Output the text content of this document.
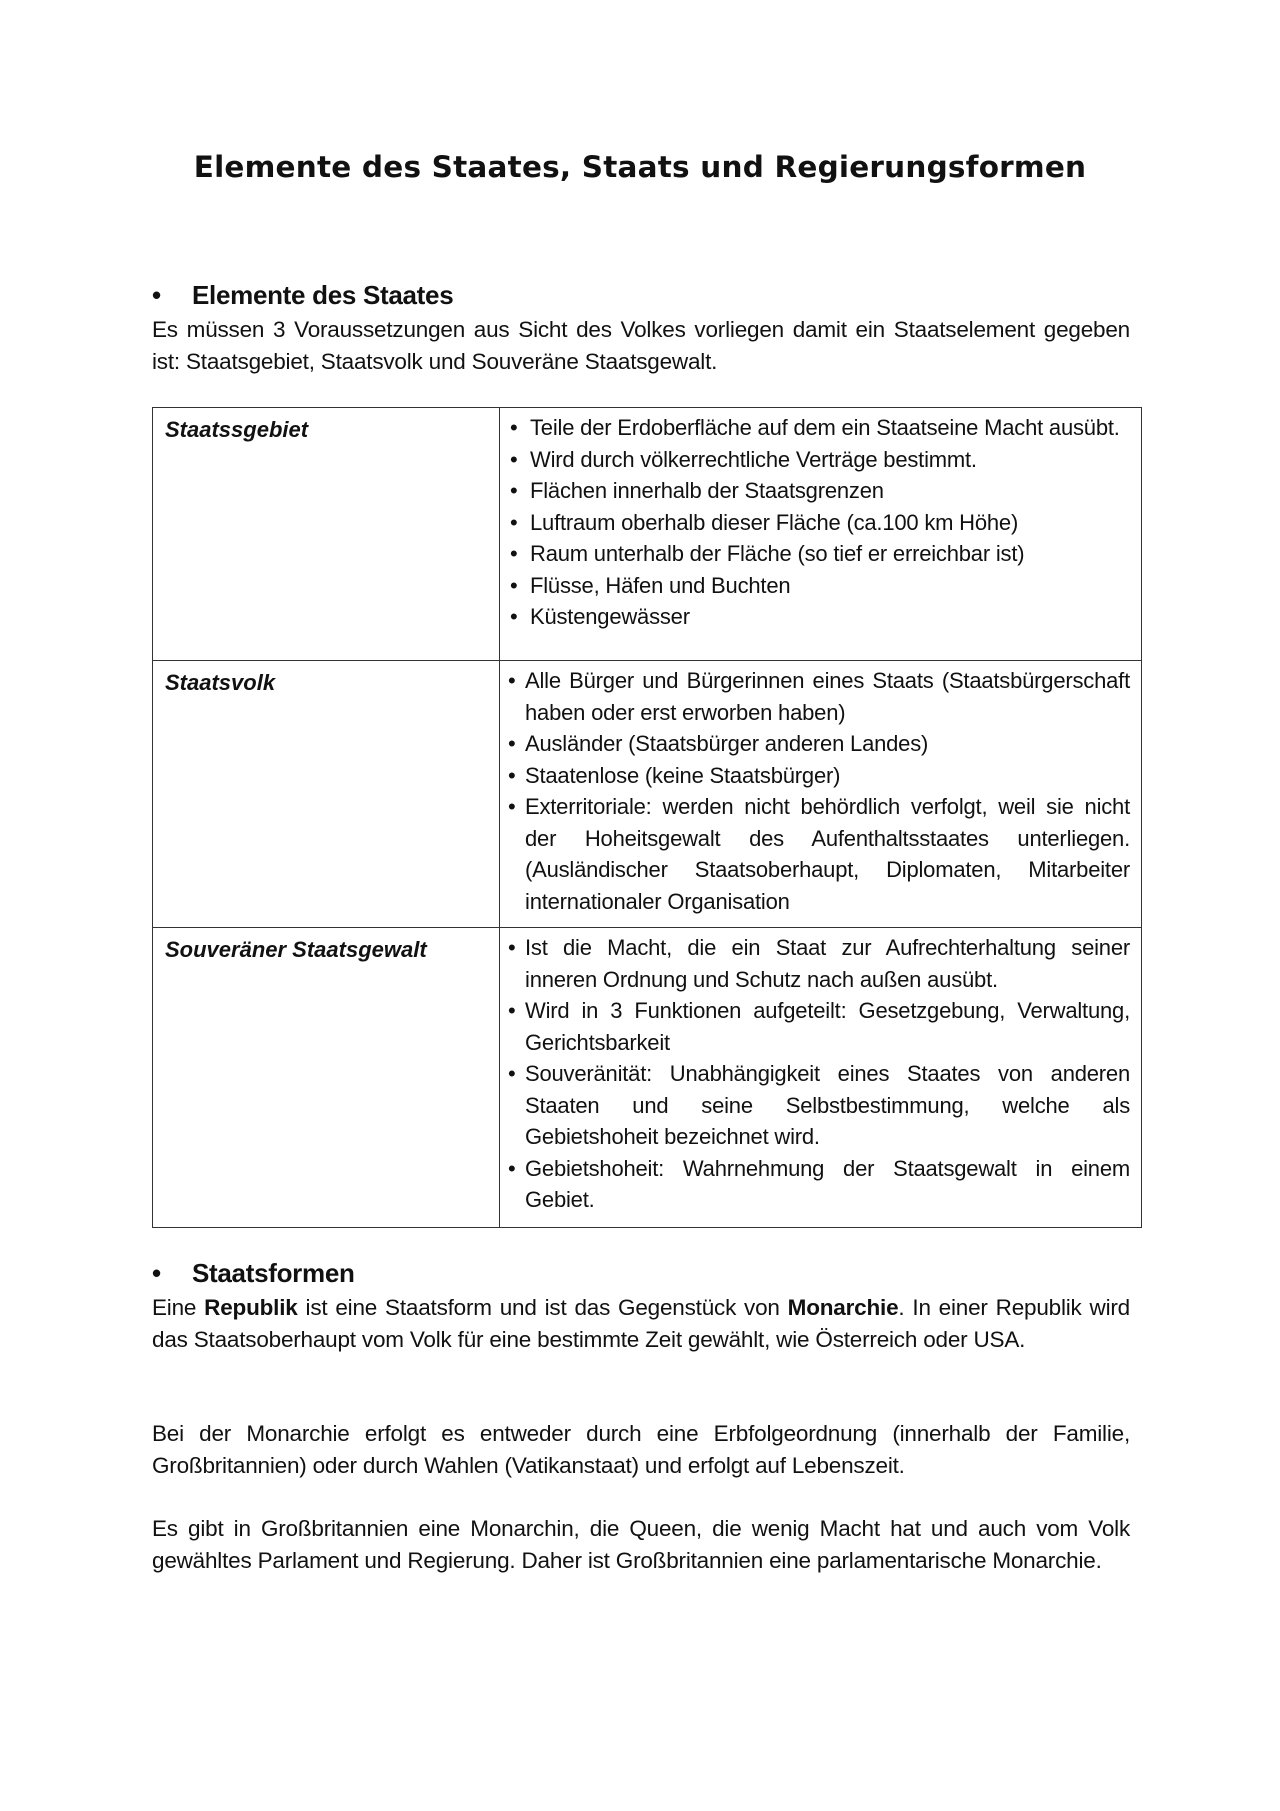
Elemente des Staates, Staats und Regierungsformen
• Elemente des Staates
Es müssen 3 Voraussetzungen aus Sicht des Volkes vorliegen damit ein Staatselement gegeben ist: Staatsgebiet, Staatsvolk und Souveräne Staatsgewalt.
Staatssgebiet	
•Teile der Erdoberfläche auf dem ein Staatseine Macht ausübt.
• Wird durch völkerrechtliche Verträge bestimmt.
• Flächen innerhalb der Staatsgrenzen
• Luftraum oberhalb dieser Fläche (ca.100 km Höhe)
• Raum unterhalb der Fläche (so tief er erreichbar ist)
• Flüsse, Häfen und Buchten
• Küstengewässer

Staatsvolk	
•Alle Bürger und Bürgerinnen eines Staats (Staatsbürgerschaft haben oder erst erworben haben)
• Ausländer (Staatsbürger anderen Landes)
• Staatenlose (keine Staatsbürger)
• Exterritoriale: werden nicht behördlich verfolgt, weil sie nicht der Hoheitsgewalt des Aufenthaltsstaates unterliegen. (Ausländischer Staatsoberhaupt, Diplomaten, Mitarbeiter internationaler Organisation

Souveräner Staatsgewalt	
•Ist die Macht, die ein Staat zur Aufrechterhaltung seiner inneren Ordnung und Schutz nach außen ausübt.
• Wird in 3 Funktionen aufgeteilt: Gesetzgebung, Verwaltung, Gerichtsbarkeit
• Souveränität: Unabhängigkeit eines Staates von anderen Staaten und seine Selbstbestimmung, welche als Gebietshoheit bezeichnet wird.
• Gebietshoheit: Wahrnehmung der Staatsgewalt in einem Gebiet.
• Staatsformen
Eine Republik ist eine Staatsform und ist das Gegenstück von Monarchie. In einer Republik wird das Staatsoberhaupt vom Volk für eine bestimmte Zeit gewählt, wie Österreich oder USA.
Bei der Monarchie erfolgt es entweder durch eine Erbfolgeordnung (innerhalb der Familie, Großbritannien) oder durch Wahlen (Vatikanstaat) und erfolgt auf Lebenszeit.
Es gibt in Großbritannien eine Monarchin, die Queen, die wenig Macht hat und auch vom Volk gewähltes Parlament und Regierung. Daher ist Großbritannien eine parlamentarische Monarchie.
